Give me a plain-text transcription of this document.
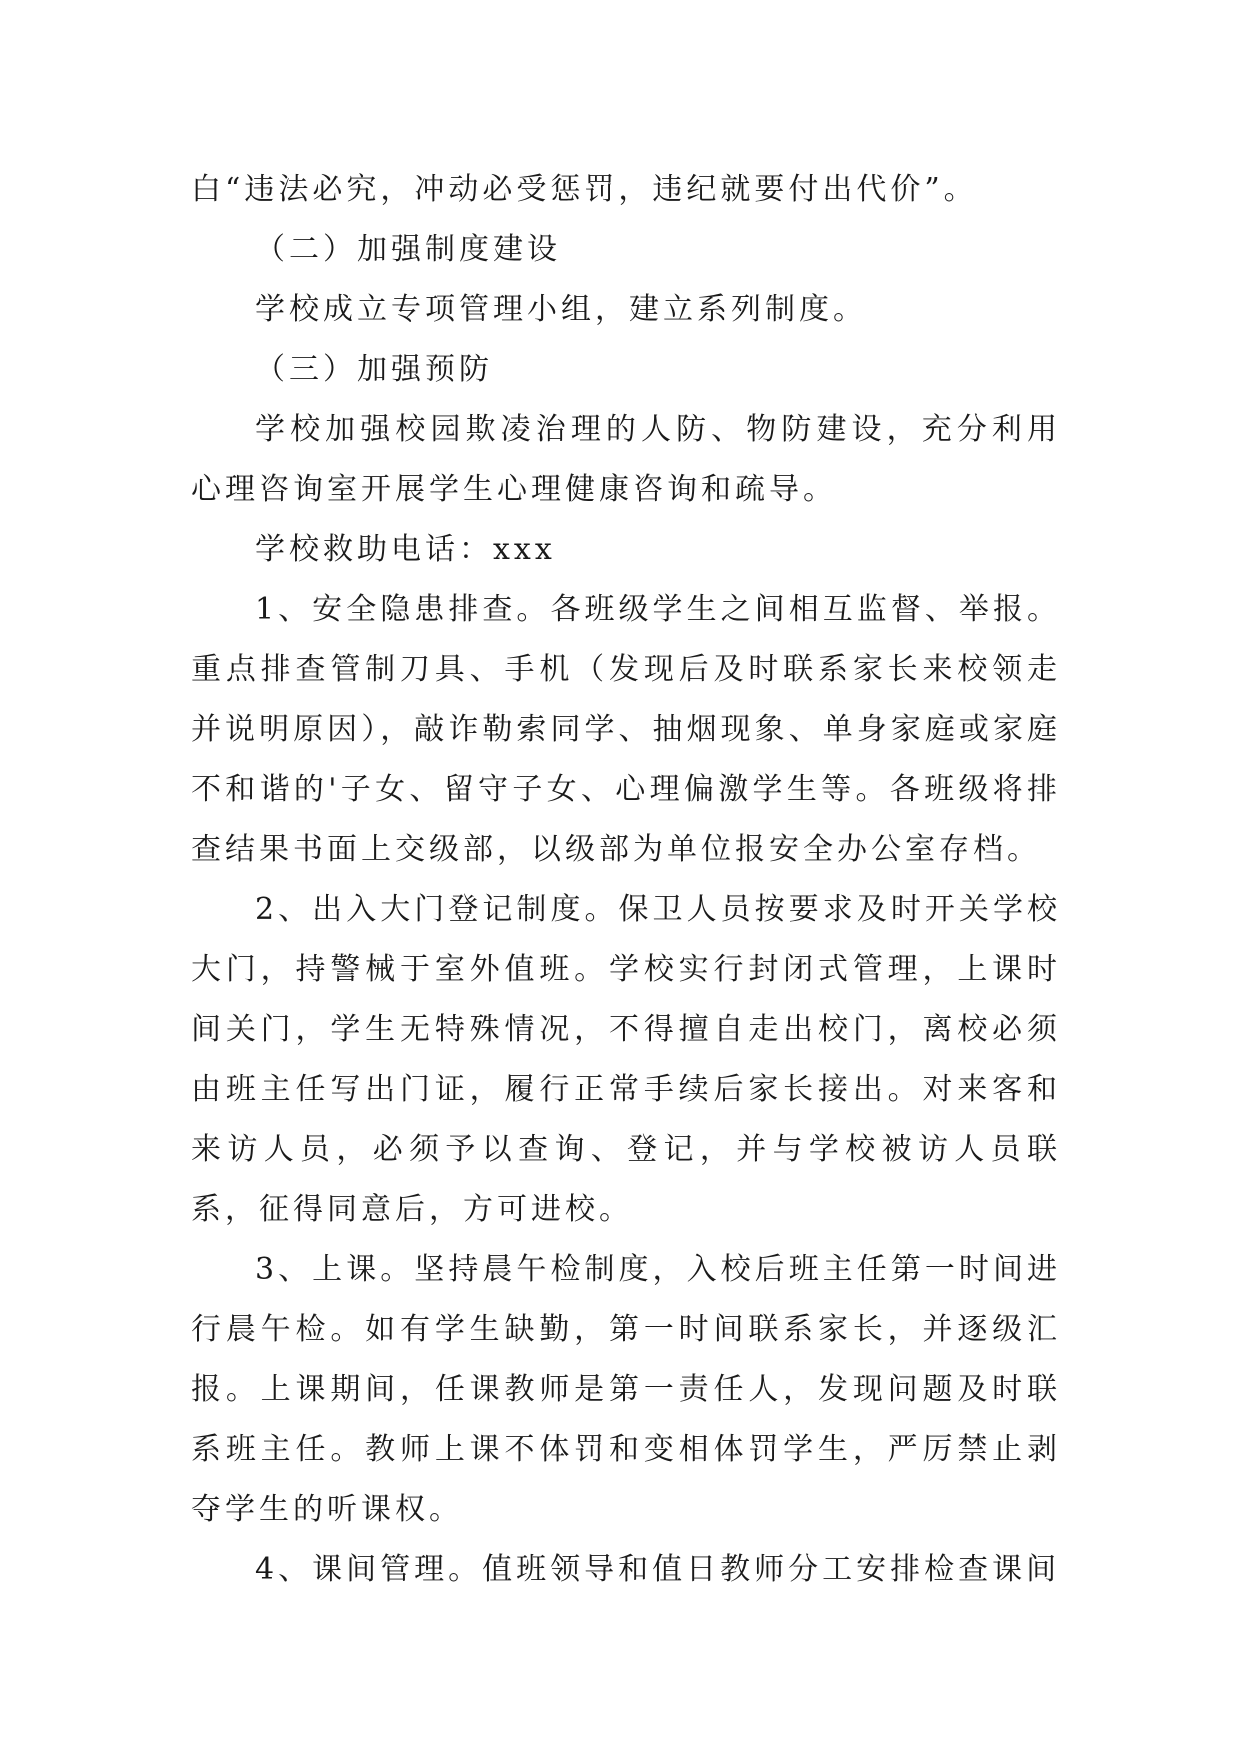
白“违法必究，冲动必受惩罚，违纪就要付出代价”。

（二）加强制度建设

学校成立专项管理小组，建立系列制度。

（三）加强预防

学校加强校园欺凌治理的人防、物防建设，充分利用心理咨询室开展学生心理健康咨询和疏导。

学校救助电话：xxx

1、安全隐患排查。各班级学生之间相互监督、举报。重点排查管制刀具、手机（发现后及时联系家长来校领走并说明原因），敲诈勒索同学、抽烟现象、单身家庭或家庭不和谐的'子女、留守子女、心理偏激学生等。各班级将排查结果书面上交级部，以级部为单位报安全办公室存档。

2、出入大门登记制度。保卫人员按要求及时开关学校大门，持警械于室外值班。学校实行封闭式管理，上课时间关门，学生无特殊情况，不得擅自走出校门，离校必须由班主任写出门证，履行正常手续后家长接出。对来客和来访人员，必须予以查询、登记，并与学校被访人员联系，征得同意后，方可进校。

3、上课。坚持晨午检制度，入校后班主任第一时间进行晨午检。如有学生缺勤，第一时间联系家长，并逐级汇报。上课期间，任课教师是第一责任人，发现问题及时联系班主任。教师上课不体罚和变相体罚学生，严厉禁止剥夺学生的听课权。

4、课间管理。值班领导和值日教师分工安排检查课间
